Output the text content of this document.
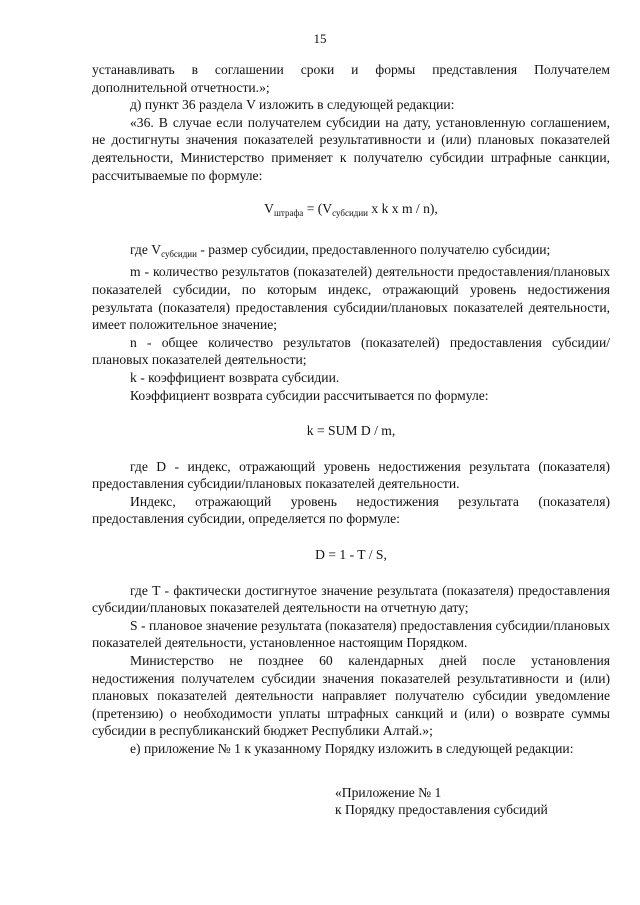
15

устанавливать в соглашении сроки и формы представления Получателем дополнительной отчетности.»;

д) пункт 36 раздела V изложить в следующей редакции:

«36. В случае если получателем субсидии на дату, установленную соглашением, не достигнуты значения показателей результативности и (или) плановых показателей деятельности, Министерство применяет к получателю субсидии штрафные санкции, рассчитываемые по формуле:

$V_{штрафа} = (V_{субсидии}$ x k x m / n),

где $V_{субсидии}$ - размер субсидии, предоставленного получателю субсидии;

m - количество результатов (показателей) деятельности предоставления/плановых показателей субсидии, по которым индекс, отражающий уровень недостижения результата (показателя) предоставления субсидии/плановых показателей деятельности, имеет положительное значение;

n - общее количество результатов (показателей) предоставления субсидии/плановых показателей деятельности;

k - коэффициент возврата субсидии.

Коэффициент возврата субсидии рассчитывается по формуле:

k = SUM D / m,

где D - индекс, отражающий уровень недостижения результата (показателя) предоставления субсидии/плановых показателей деятельности.

Индекс, отражающий уровень недостижения результата (показателя) предоставления субсидии, определяется по формуле:

D = 1 - T / S,

где T - фактически достигнутое значение результата (показателя) предоставления субсидии/плановых показателей деятельности на отчетную дату;

S - плановое значение результата (показателя) предоставления субсидии/плановых показателей деятельности, установленное настоящим Порядком.

Министерство не позднее 60 календарных дней после установления недостижения получателем субсидии значения показателей результативности и (или) плановых показателей деятельности направляет получателю субсидии уведомление (претензию) о необходимости уплаты штрафных санкций и (или) о возврате суммы субсидии в республиканский бюджет Республики Алтай.»;

е) приложение № 1 к указанному Порядку изложить в следующей редакции:

«Приложение № 1
к Порядку предоставления субсидий
